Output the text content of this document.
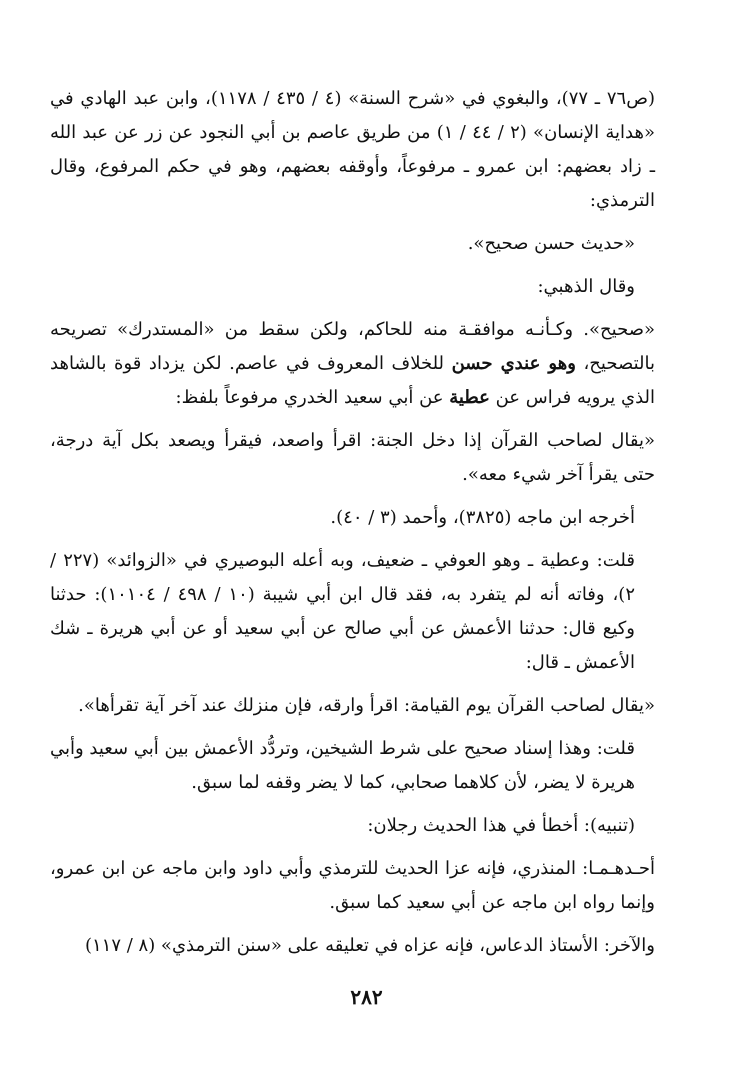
(ص٧٦ ـ ٧٧)، والبغوي في «شرح السنة» (٤ / ٤٣٥ / ١١٧٨)، وابن عبد الهادي في «هداية الإنسان» (٢ / ٤٤ / ١) من طريق عاصم بن أبي النجود عن زر عن عبد الله ـ زاد بعضهم: ابن عمرو ـ مرفوعاً، وأوقفه بعضهم، وهو في حكم المرفوع، وقال الترمذي:

«حديث حسن صحيح».

وقال الذهبي:

«صحيح». وكـأنـه موافقـة منه للحاكم، ولكن سقط من «المستدرك» تصريحه بالتصحيح، وهو عندي حسن للخلاف المعروف في عاصم. لكن يزداد قوة بالشاهد الذي يرويه فراس عن عطية عن أبي سعيد الخدري مرفوعاً بلفظ:

«يقال لصاحب القرآن إذا دخل الجنة: اقرأ واصعد، فيقرأ ويصعد بكل آية درجة، حتى يقرأ آخر شيء معه».

أخرجه ابن ماجه (٣٨٢٥)، وأحمد (٣ / ٤٠).

قلت: وعطية ـ وهو العوفي ـ ضعيف، وبه أعله البوصيري في «الزوائد» (٢٢٧ / ٢)، وفاته أنه لم يتفرد به، فقد قال ابن أبي شيبة (١٠ / ٤٩٨ / ١٠١٠٤): حدثنا وكيع قال: حدثنا الأعمش عن أبي صالح عن أبي سعيد أو عن أبي هريرة ـ شك الأعمش ـ قال:

«يقال لصاحب القرآن يوم القيامة: اقرأ وارقه، فإن منزلك عند آخر آية تقرأها».

قلت: وهذا إسناد صحيح على شرط الشيخين، وتردُّد الأعمش بين أبي سعيد وأبي هريرة لا يضر، لأن كلاهما صحابي، كما لا يضر وقفه لما سبق.

(تنبيه): أخطأ في هذا الحديث رجلان:

أحـدهـمـا: المنذري، فإنه عزا الحديث للترمذي وأبي داود وابن ماجه عن ابن عمرو، وإنما رواه ابن ماجه عن أبي سعيد كما سبق.

والآخر: الأستاذ الدعاس، فإنه عزاه في تعليقه على «سنن الترمذي» (٨ / ١١٧)

٢٨٢
